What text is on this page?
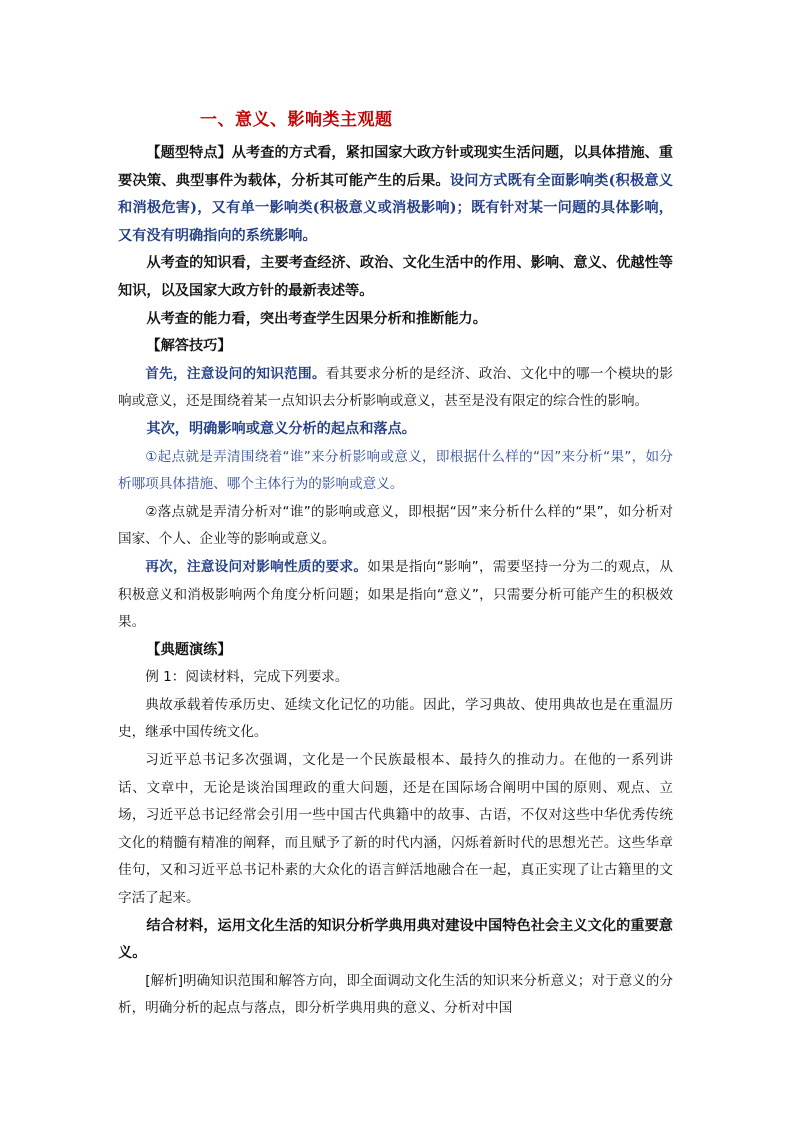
一、意义、影响类主观题

【题型特点】从考查的方式看，紧扣国家大政方针或现实生活问题，以具体措施、重要决策、典型事件为载体，分析其可能产生的后果。设问方式既有全面影响类(积极意义和消极危害)，又有单一影响类(积极意义或消极影响)；既有针对某一问题的具体影响，又有没有明确指向的系统影响。

从考查的知识看，主要考查经济、政治、文化生活中的作用、影响、意义、优越性等知识，以及国家大政方针的最新表述等。

从考查的能力看，突出考查学生因果分析和推断能力。

【解答技巧】

首先，注意设问的知识范围。看其要求分析的是经济、政治、文化中的哪一个模块的影响或意义，还是围绕着某一点知识去分析影响或意义，甚至是没有限定的综合性的影响。

其次，明确影响或意义分析的起点和落点。

①起点就是弄清围绕着“谁”来分析影响或意义，即根据什么样的“因”来分析“果”，如分析哪项具体措施、哪个主体行为的影响或意义。

②落点就是弄清分析对“谁”的影响或意义，即根据“因”来分析什么样的“果”，如分析对国家、个人、企业等的影响或意义。

再次，注意设问对影响性质的要求。如果是指向“影响”，需要坚持一分为二的观点，从积极意义和消极影响两个角度分析问题；如果是指向“意义”，只需要分析可能产生的积极效果。

【典题演练】

例 1：阅读材料，完成下列要求。

典故承载着传承历史、延续文化记忆的功能。因此，学习典故、使用典故也是在重温历史，继承中国传统文化。

习近平总书记多次强调，文化是一个民族最根本、最持久的推动力。在他的一系列讲话、文章中，无论是谈治国理政的重大问题，还是在国际场合阐明中国的原则、观点、立场，习近平总书记经常会引用一些中国古代典籍中的故事、古语，不仅对这些中华优秀传统文化的精髓有精准的阐释，而且赋予了新的时代内涵，闪烁着新时代的思想光芒。这些华章佳句，又和习近平总书记朴素的大众化的语言鲜活地融合在一起，真正实现了让古籍里的文字活了起来。

结合材料，运用文化生活的知识分析学典用典对建设中国特色社会主义文化的重要意义。

[解析]明确知识范围和解答方向，即全面调动文化生活的知识来分析意义；对于意义的分析，明确分析的起点与落点，即分析学典用典的意义、分析对中国
